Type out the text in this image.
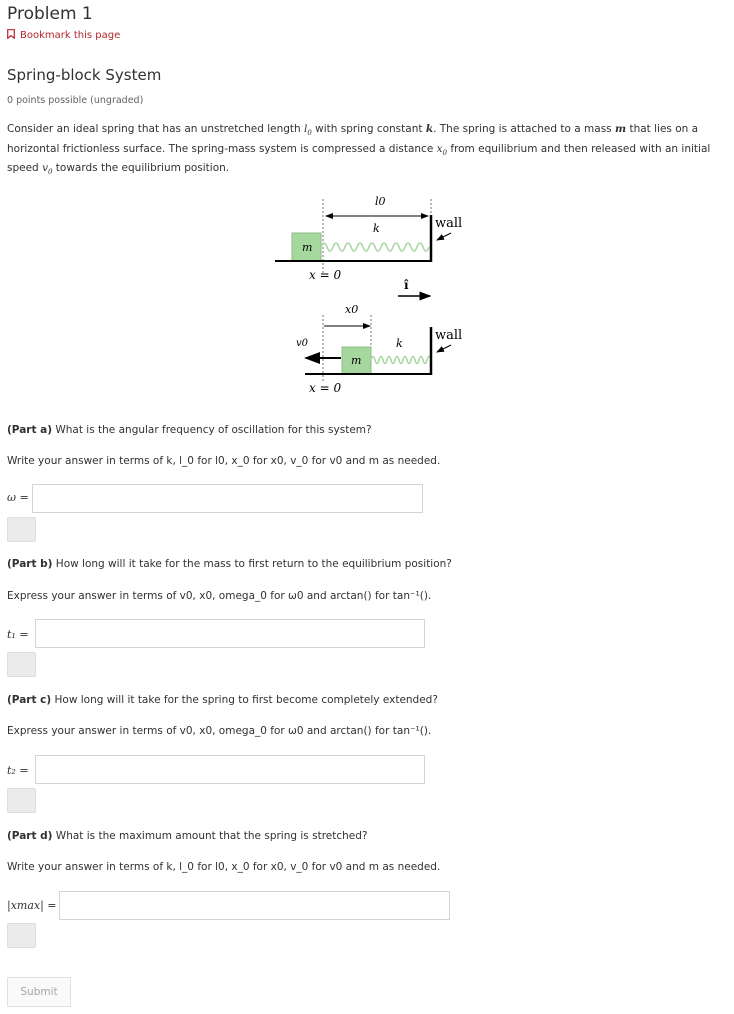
Problem 1
Bookmark this page
Spring-block System
0 points possible (ungraded)
Consider an ideal spring that has an unstretched length $l_0$ with spring constant k. The spring is attached to a mass m that lies on a horizontal frictionless surface. The spring-mass system is compressed a distance $x_0$ from equilibrium and then released with an initial speed $v_0$ towards the equilibrium position.
l0
k
m
wall
x = 0
î
x0
v0	k
m
wall
x = 0
(Part a) What is the angular frequency of oscillation for this system?
Write your answer in terms of k, l_0 for l0, x_0 for x0, v_0 for v0 and m as needed.
ω =
(Part b) How long will it take for the mass to first return to the equilibrium position?
Express your answer in terms of v0, x0, omega_0 for ω0 and arctan() for tan⁻¹().
t₁ =
(Part c) How long will it take for the spring to first become completely extended?
Express your answer in terms of v0, x0, omega_0 for ω0 and arctan() for tan⁻¹().
t₂ =
(Part d) What is the maximum amount that the spring is stretched?
Write your answer in terms of k, l_0 for l0, x_0 for x0, v_0 for v0 and m as needed.
|xmax| =
Submit
